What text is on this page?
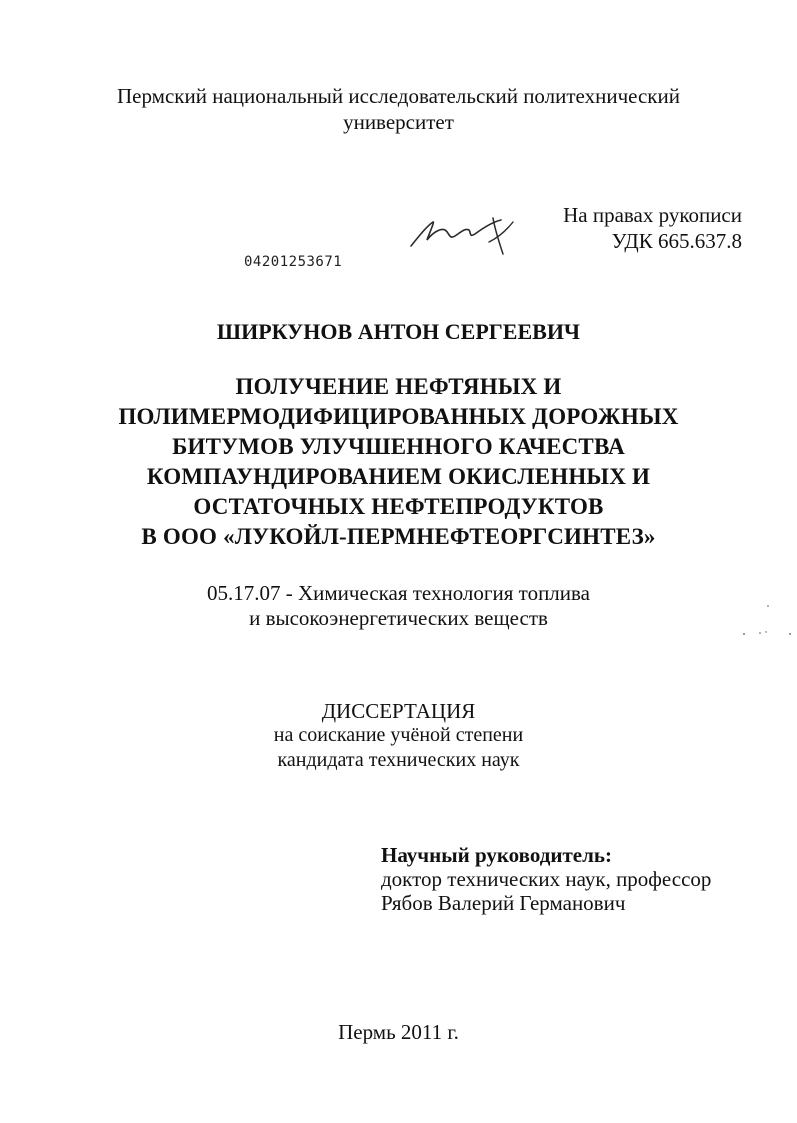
Пермский национальный исследовательский политехнический
университет
На правах рукописи
УДК 665.637.8
04201253671
ШИРКУНОВ АНТОН СЕРГЕЕВИЧ
ПОЛУЧЕНИЕ НЕФТЯНЫХ И
ПОЛИМЕРМОДИФИЦИРОВАННЫХ ДОРОЖНЫХ
БИТУМОВ УЛУЧШЕННОГО КАЧЕСТВА
КОМПАУНДИРОВАНИЕМ ОКИСЛЕННЫХ И
ОСТАТОЧНЫХ НЕФТЕПРОДУКТОВ
В ООО «ЛУКОЙЛ-ПЕРМНЕФТЕОРГСИНТЕЗ»
05.17.07 - Химическая технология топлива
и высокоэнергетических веществ
ДИССЕРТАЦИЯ
на соискание учёной степени
кандидата технических наук
Научный руководитель:
доктор технических наук, профессор
Рябов Валерий Германович
Пермь 2011 г.
